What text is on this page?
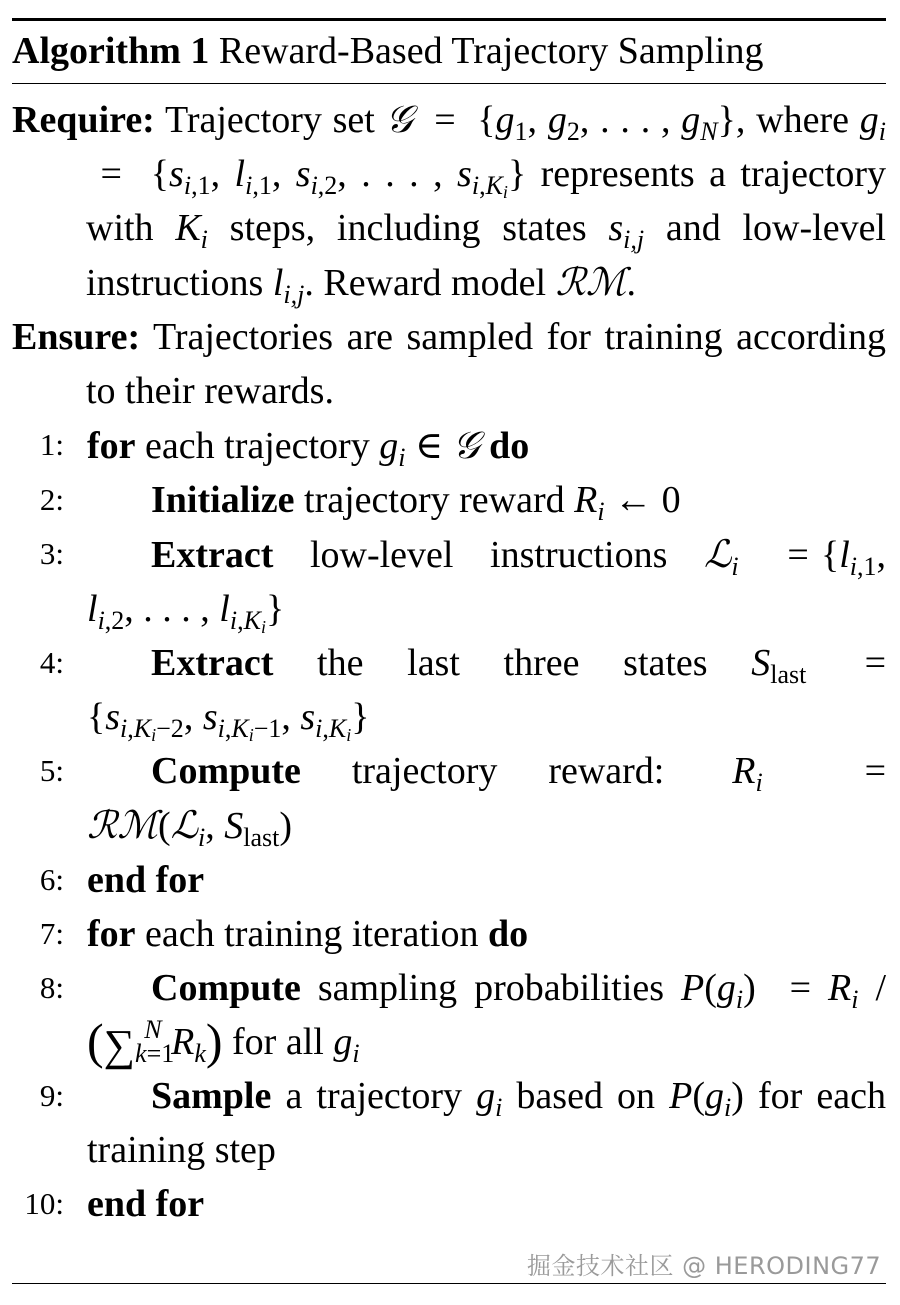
Algorithm 1 Reward-Based Trajectory Sampling
Require: Trajectory set 𝒢  =  {$g_1$, $g_2$, . . . , $g_N$}, where $g_i = \{s_{i,1}$, $l_{i,1}$, $s_{i,2}$, . . . , $s_{i,K_i}$} represents a trajectory with $K_i$ steps, including states $s_{i,j}$ and low-level instructions $l_{i,j}$. Reward model ℛℳ.
Ensure: Trajectories are sampled for training according to their rewards.
1: for each trajectory $g_i$ ∈ 𝒢 do
2: Initialize trajectory reward $R_i$ ← 0
3: Extract   low-level   instructions   ℒ$_i$    = {$l_{i,1}$, $l_{i,2}$, . . . , $l_{i,K_i}$}
4: Extract   the   last   three   states   $S_{last}$    = {$s_{i,K_i-2}$, $s_{i,K_i-1}$, $s_{i,K_i}$}
5: Compute   trajectory   reward:    $R_i$      = ℛℳ(ℒ$_i$, $S_{last}$)
6: end for
7: for each training iteration do
8: Compute sampling probabilities $P(g_i) = R_i / (\sum_{k=1}^N$ $R_k$) for all $g_i$
9: Sample a trajectory $g_i$ based on $P(g_i)$ for each training step
10: end for
掘金技术社区 @ HERODING77
